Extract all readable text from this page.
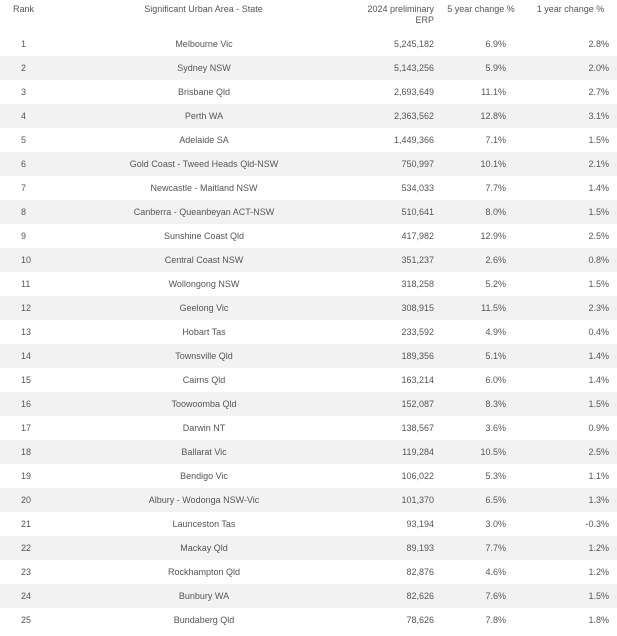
Rank	Significant Urban Area - State	2024 preliminary ERP	5 year change %	1 year change %
1	Melbourne Vic	5,245,182	6.9%	2.8%
2	Sydney NSW	5,143,256	5.9%	2.0%
3	Brisbane Qld	2,693,649	11.1%	2.7%
4	Perth WA	2,363,562	12.8%	3.1%
5	Adelaide SA	1,449,366	7.1%	1.5%
6	Gold Coast - Tweed Heads Qld-NSW	750,997	10.1%	2.1%
7	Newcastle - Maitland NSW	534,033	7.7%	1.4%
8	Canberra - Queanbeyan ACT-NSW	510,641	8.0%	1.5%
9	Sunshine Coast Qld	417,982	12.9%	2.5%
10	Central Coast NSW	351,237	2.6%	0.8%
11	Wollongong NSW	318,258	5.2%	1.5%
12	Geelong Vic	308,915	11.5%	2.3%
13	Hobart Tas	233,592	4.9%	0.4%
14	Townsville Qld	189,356	5.1%	1.4%
15	Cairns Qld	163,214	6.0%	1.4%
16	Toowoomba Qld	152,087	8.3%	1.5%
17	Darwin NT	138,567	3.6%	0.9%
18	Ballarat Vic	119,284	10.5%	2.5%
19	Bendigo Vic	106,022	5.3%	1.1%
20	Albury - Wodonga NSW-Vic	101,370	6.5%	1.3%
21	Launceston Tas	93,194	3.0%	-0.3%
22	Mackay Qld	89,193	7.7%	1.2%
23	Rockhampton Qld	82,876	4.6%	1.2%
24	Bunbury WA	82,626	7.6%	1.5%
25	Bundaberg Qld	78,626	7.8%	1.8%
